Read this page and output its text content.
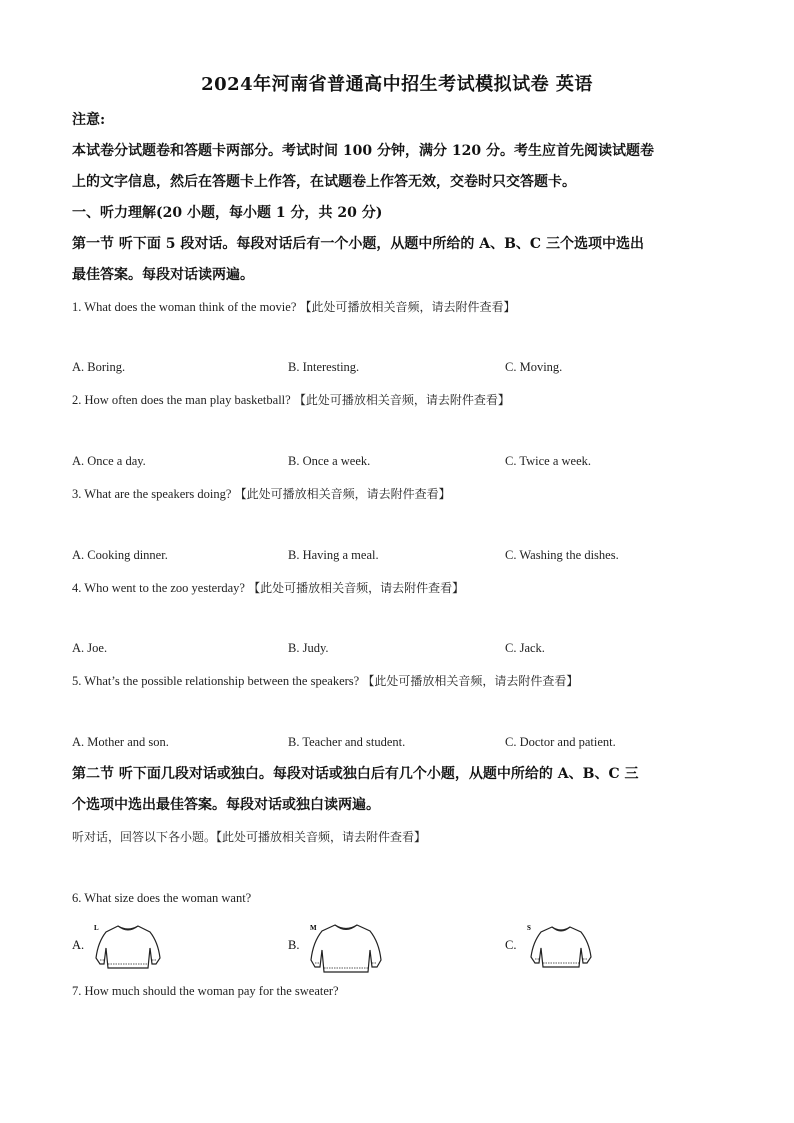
2024年河南省普通高中招生考试模拟试卷 英语
注意:
本试卷分试题卷和答题卡两部分。考试时间 100 分钟，满分 120 分。考生应首先阅读试题卷
上的文字信息，然后在答题卡上作答，在试题卷上作答无效，交卷时只交答题卡。
一、听力理解(20 小题，每小题 1 分，共 20 分)
第一节 听下面 5 段对话。每段对话后有一个小题，从题中所给的 A、B、C 三个选项中选出
最佳答案。每段对话读两遍。
1. What does the woman think of the movie? 【此处可播放相关音频，请去附件查看】
A. Boring.	B. Interesting.	C. Moving.
2. How often does the man play basketball? 【此处可播放相关音频，请去附件查看】
A. Once a day.	B. Once a week.	C. Twice a week.
3. What are the speakers doing? 【此处可播放相关音频，请去附件查看】
A. Cooking dinner.	B. Having a meal.	C. Washing the dishes.
4. Who went to the zoo yesterday? 【此处可播放相关音频，请去附件查看】
A. Joe.	B. Judy.	C. Jack.
5. What’s the possible relationship between the speakers? 【此处可播放相关音频，请去附件查看】
A. Mother and son.	B. Teacher and student.	C. Doctor and patient.
第二节 听下面几段对话或独白。每段对话或独白后有几个小题，从题中所给的 A、B、C 三
个选项中选出最佳答案。每段对话或独白读两遍。
听对话，回答以下各小题。【此处可播放相关音频，请去附件查看】
6. What size does the woman want?
A.
L
B.
M
C.
S
7. How much should the woman pay for the sweater?
